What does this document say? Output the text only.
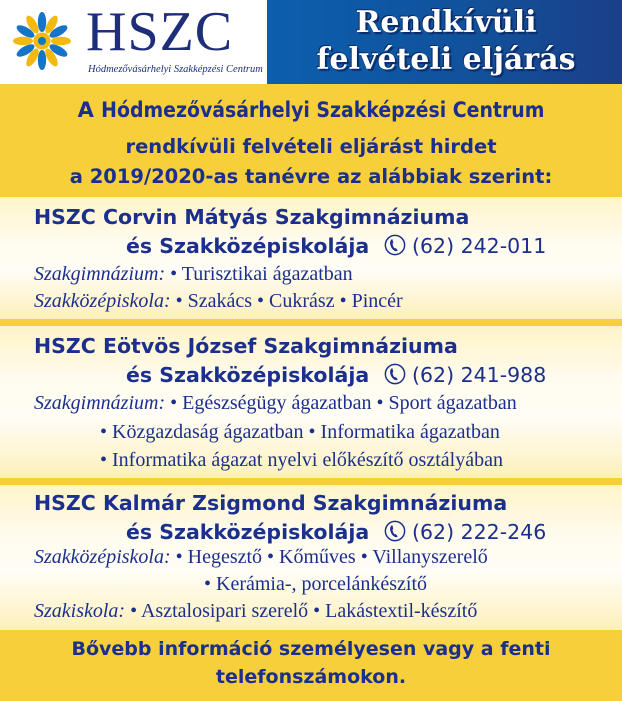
HSZC
Hódmezővásárhelyi Szakképzési Centrum
Rendkívüli
felvételi eljárás
A Hódmezővásárhelyi Szakképzési Centrum
rendkívüli felvételi eljárást hirdet
a 2019/2020-as tanévre az alábbiak szerint:
HSZC Corvin Mátyás Szakgimnáziuma
és Szakközépiskolája	(62) 242-011
Szakgimnázium: • Turisztikai ágazatban
Szakközépiskola: • Szakács • Cukrász • Pincér
HSZC Eötvös József Szakgimnáziuma
és Szakközépiskolája	(62) 241-988
Szakgimnázium: • Egészségügy ágazatban • Sport ágazatban
• Közgazdaság ágazatban • Informatika ágazatban
• Informatika ágazat nyelvi előkészítő osztályában
HSZC Kalmár Zsigmond Szakgimnáziuma
és Szakközépiskolája	(62) 222-246
Szakközépiskola: • Hegesztő • Kőműves • Villanyszerelő
• Kerámia-, porcelánkészítő
Szakiskola: • Asztalosipari szerelő • Lakástextil-készítő
Bővebb információ személyesen vagy a fenti
telefonszámokon.
